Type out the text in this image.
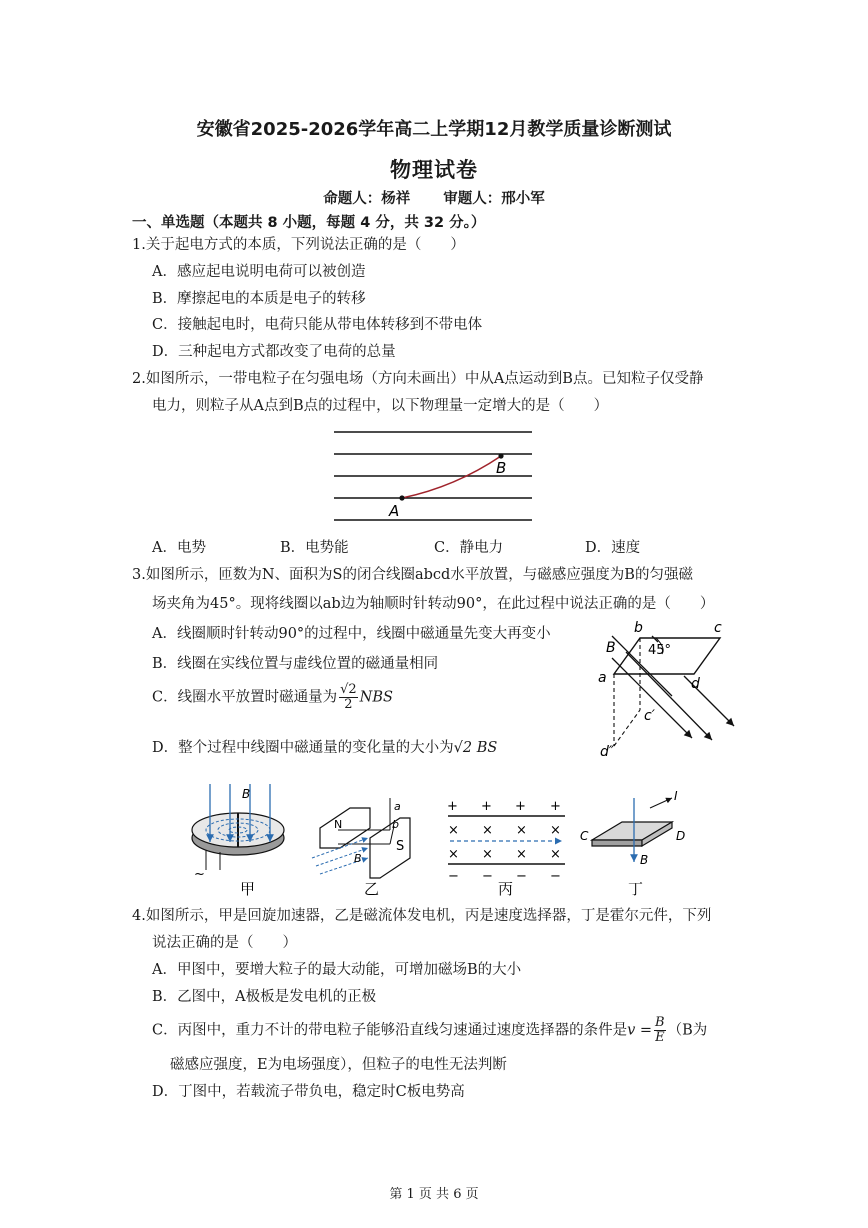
安徽省2025-2026学年高二上学期12月教学质量诊断测试
物理试卷
命题人：杨祥 审题人：邢小军
一、单选题（本题共 8 小题，每题 4 分，共 32 分。）
1.关于起电方式的本质，下列说法正确的是（　　）
A．感应起电说明电荷可以被创造
B．摩擦起电的本质是电子的转移
C．接触起电时，电荷只能从带电体转移到不带电体
D．三种起电方式都改变了电荷的总量
2.如图所示，一带电粒子在匀强电场（方向未画出）中从A点运动到B点。已知粒子仅受静
电力，则粒子从A点到B点的过程中，以下物理量一定增大的是（　　）
A
B
A．电势	B．电势能	C．静电力	D．速度
3.如图所示，匝数为N、面积为S的闭合线圈abcd水平放置，与磁感应强度为B的匀强磁
场夹角为45°。现将线圈以ab边为轴顺时针转动90°，在此过程中说法正确的是（　　）
A．线圈顺时针转动90°的过程中，线圈中磁通量先变大再变小
B．线圈在实线位置与虚线位置的磁通量相同
C．线圈水平放置时磁通量为 $\frac{√2}{2}$ NBS
D．整个过程中线圈中磁通量的变化量的大小为√2 BS
B
a
b	c
d
c′
d″
45°
B
~
N
S
a
b
B
+ + + +
× × × ×
× × × ×
− − − −
I
C	D
B
甲	乙	丙	丁
4.如图所示，甲是回旋加速器，乙是磁流体发电机，丙是速度选择器，丁是霍尔元件，下列
说法正确的是（　　）
A．甲图中，要增大粒子的最大动能，可增加磁场B的大小
B．乙图中，A极板是发电机的正极
C．丙图中，重力不计的带电粒子能够沿直线匀速通过速度选择器的条件是$v = \frac{B}{E} (B$为
磁感应强度，E为电场强度），但粒子的电性无法判断
D．丁图中，若载流子带负电，稳定时C板电势高
第 1 页 共 6 页
